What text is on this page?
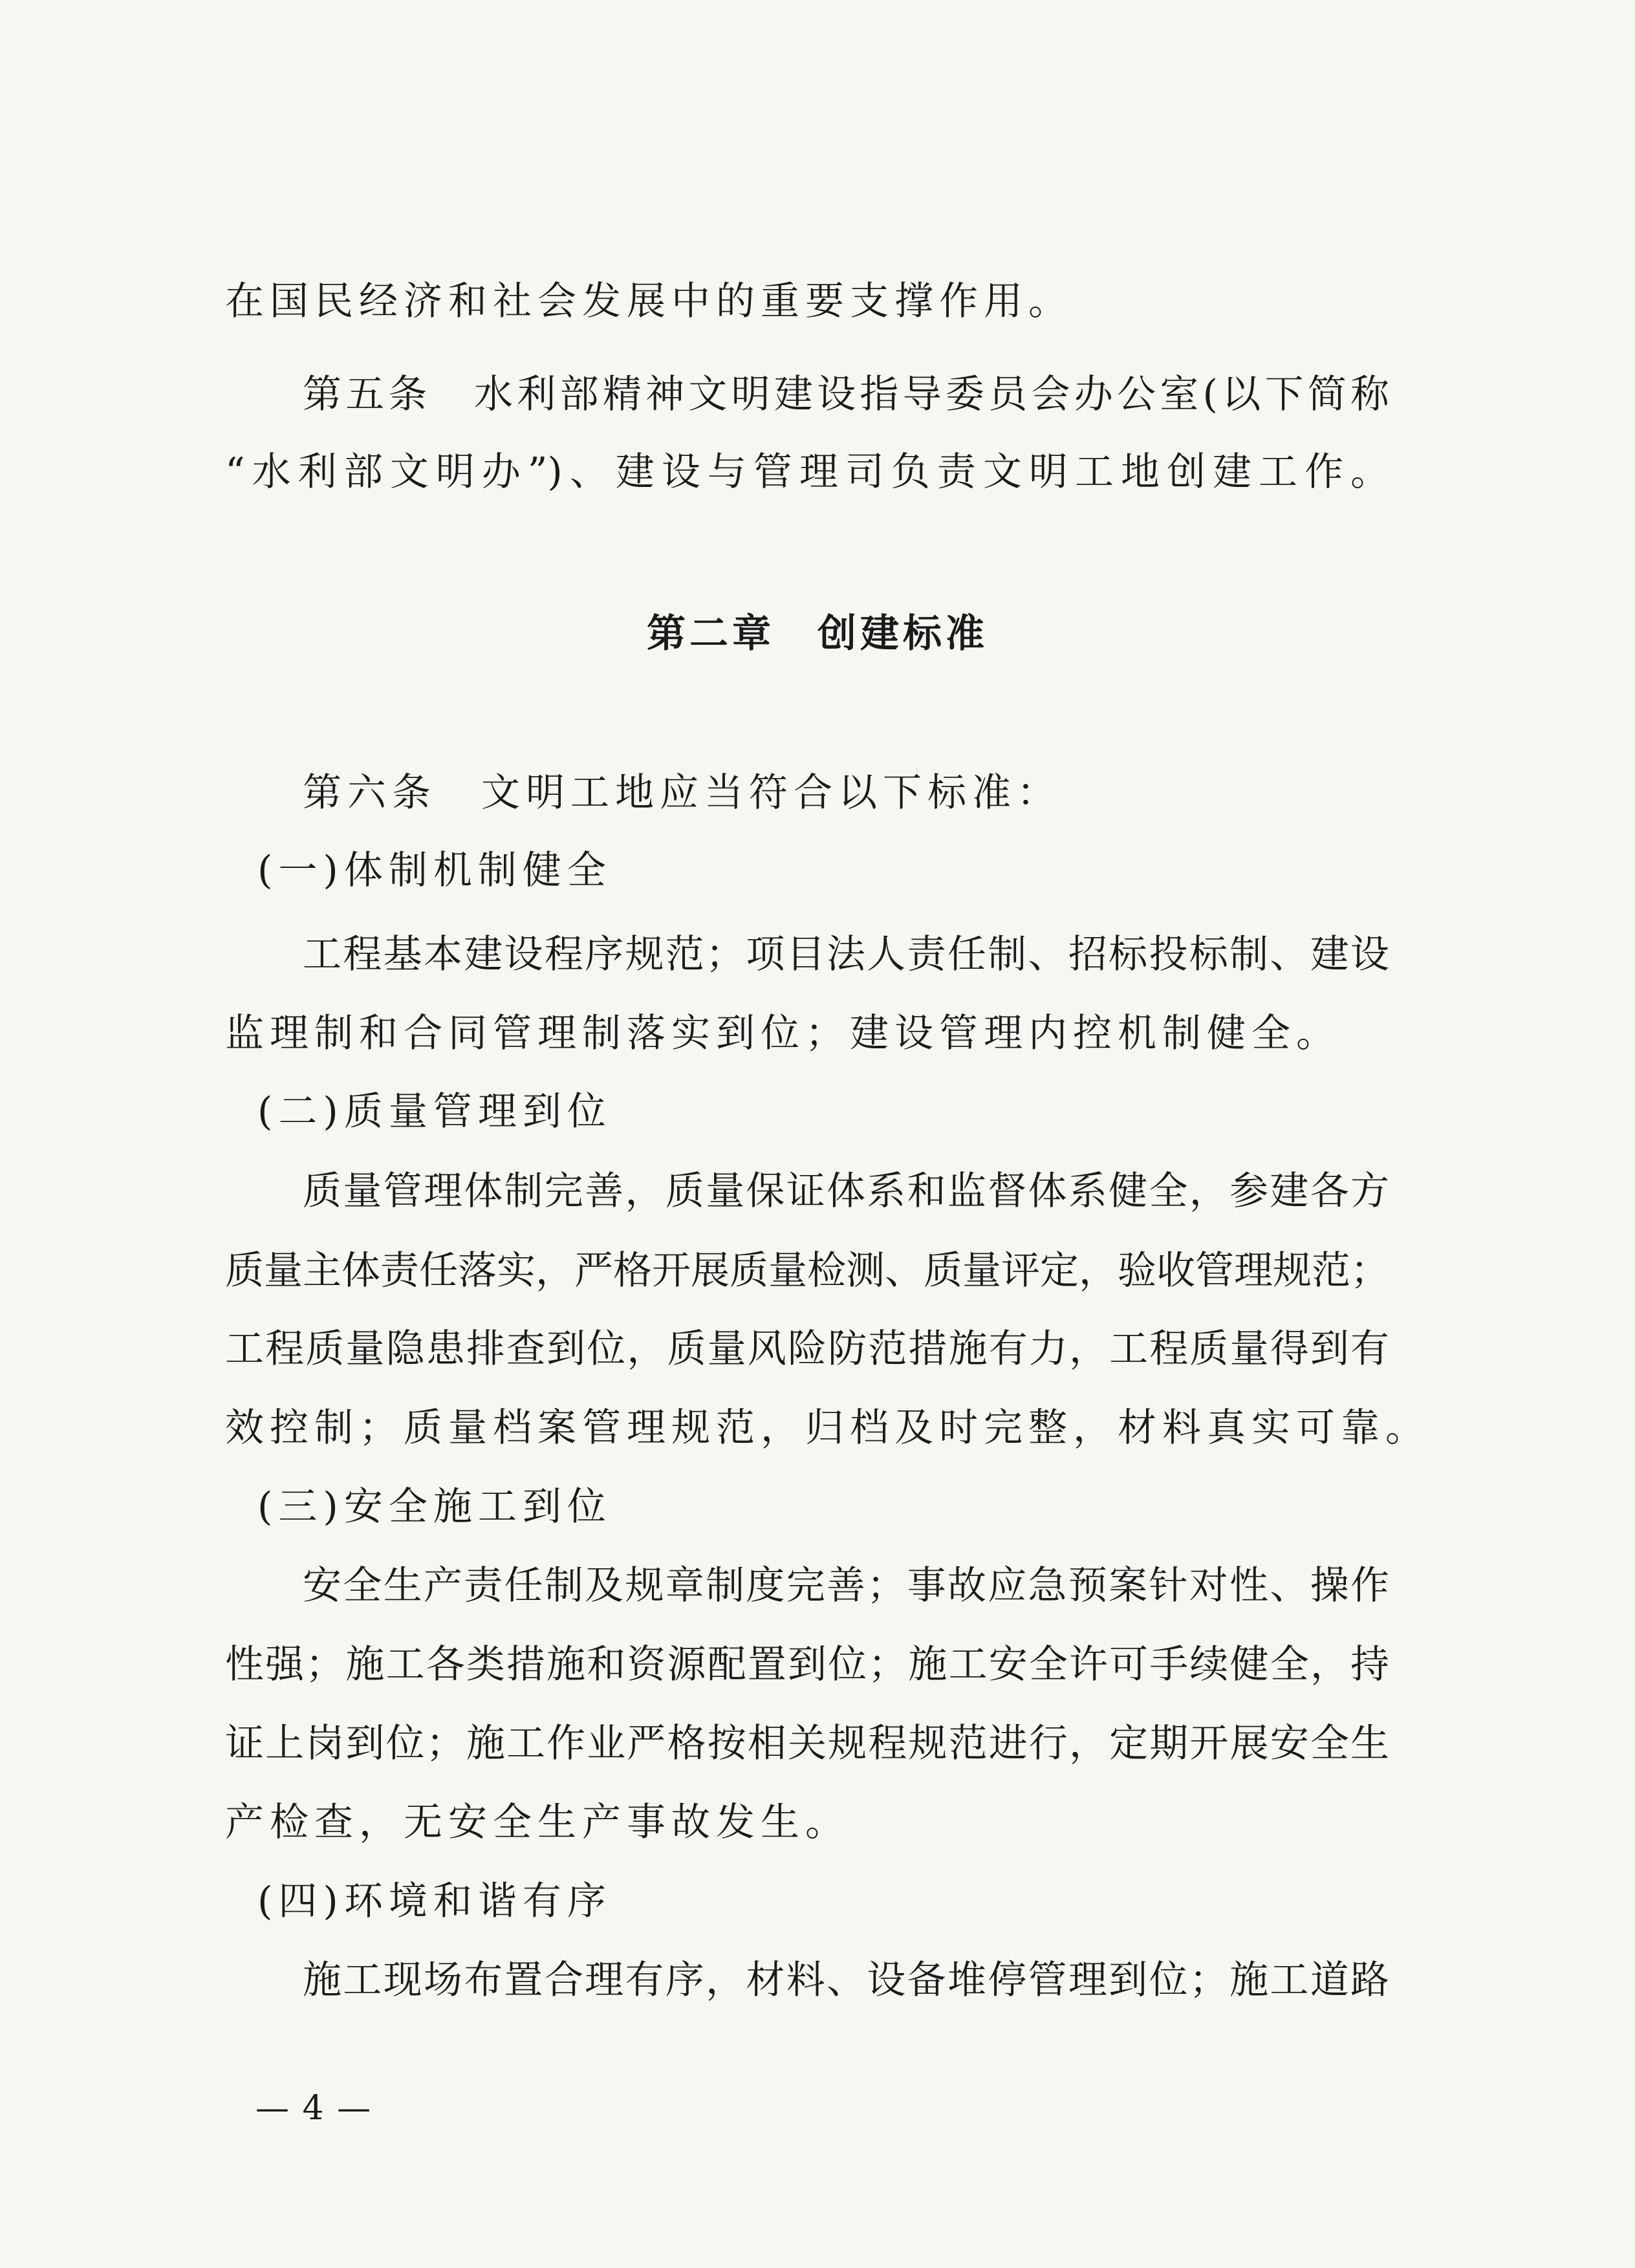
在国民经济和社会发展中的重要支撑作用。
第五条　水利部精神文明建设指导委员会办公室(以下简称
“水利部文明办”)、建设与管理司负责文明工地创建工作。
第二章　创建标准
第六条　文明工地应当符合以下标准：
(一)体制机制健全
工程基本建设程序规范；项目法人责任制、招标投标制、建设
监理制和合同管理制落实到位；建设管理内控机制健全。
(二)质量管理到位
质量管理体制完善，质量保证体系和监督体系健全，参建各方
质量主体责任落实，严格开展质量检测、质量评定，验收管理规范；
工程质量隐患排查到位，质量风险防范措施有力，工程质量得到有
效控制；质量档案管理规范，归档及时完整，材料真实可靠。
(三)安全施工到位
安全生产责任制及规章制度完善；事故应急预案针对性、操作
性强；施工各类措施和资源配置到位；施工安全许可手续健全，持
证上岗到位；施工作业严格按相关规程规范进行，定期开展安全生
产检查，无安全生产事故发生。
(四)环境和谐有序
施工现场布置合理有序，材料、设备堆停管理到位；施工道路
— 4 —
